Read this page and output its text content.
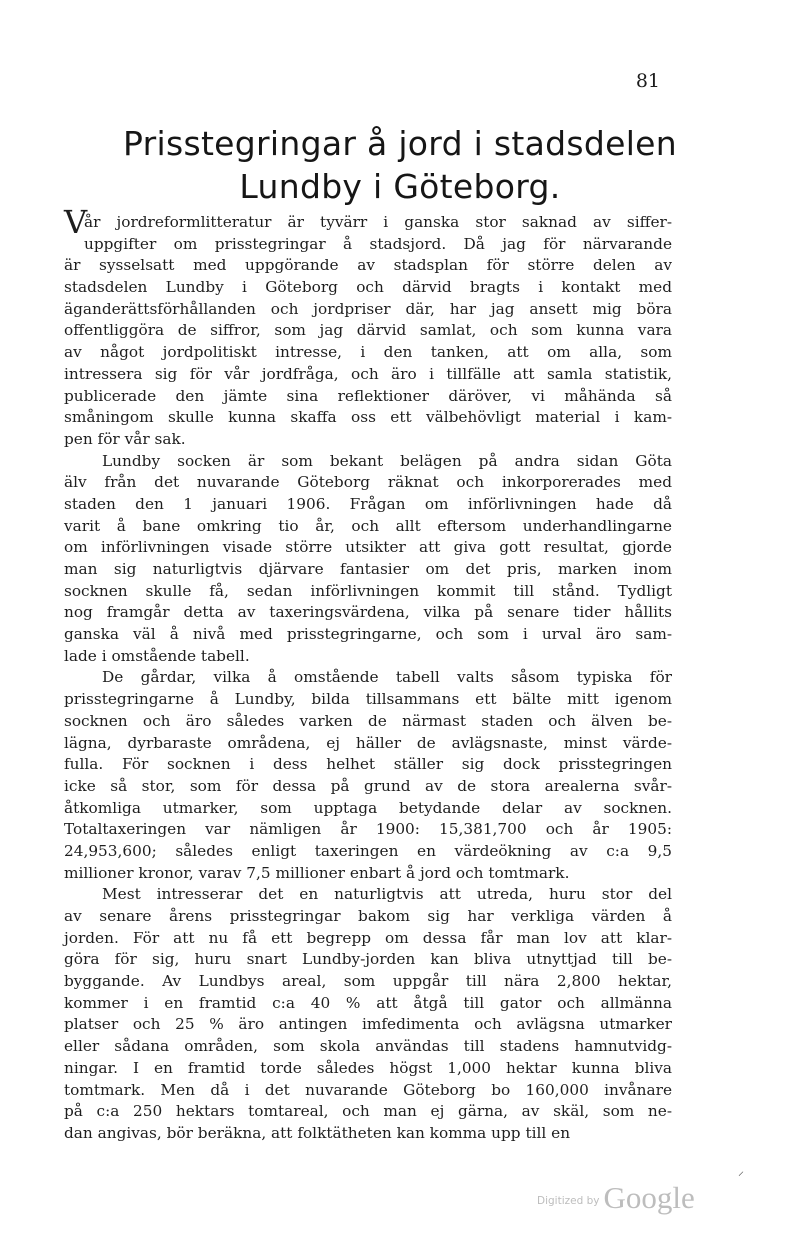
81
Prisstegringar å jord i stadsdelen
Lundby i Göteborg.
Vår jordreformlitteratur är tyvärr i ganska stor saknad av siffer-
uppgifter om prisstegringar å stadsjord. Då jag för närvarande
är sysselsatt med uppgörande av stadsplan för större delen av
stadsdelen Lundby i Göteborg och därvid bragts i kontakt med
äganderättsförhållanden och jordpriser där, har jag ansett mig böra
offentliggöra de siffror, som jag därvid samlat, och som kunna vara
av något jordpolitiskt intresse, i den tanken, att om alla, som
intressera sig för vår jordfråga, och äro i tillfälle att samla statistik,
publicerade den jämte sina reflektioner däröver, vi måhända så
småningom skulle kunna skaffa oss ett välbehövligt material i kam-
pen för vår sak.
Lundby socken är som bekant belägen på andra sidan Göta
älv från det nuvarande Göteborg räknat och inkorporerades med
staden den 1 januari 1906. Frågan om införlivningen hade då
varit å bane omkring tio år, och allt eftersom underhandlingarne
om införlivningen visade större utsikter att giva gott resultat, gjorde
man sig naturligtvis djärvare fantasier om det pris, marken inom
socknen skulle få, sedan införlivningen kommit till stånd. Tydligt
nog framgår detta av taxeringsvärdena, vilka på senare tider hållits
ganska väl å nivå med prisstegringarne, och som i urval äro sam-
lade i omstående tabell.
De gårdar, vilka å omstående tabell valts såsom typiska för
prisstegringarne å Lundby, bilda tillsammans ett bälte mitt igenom
socknen och äro således varken de närmast staden och älven be-
lägna, dyrbaraste områdena, ej häller de avlägsnaste, minst värde-
fulla. För socknen i dess helhet ställer sig dock prisstegringen
icke så stor, som för dessa på grund av de stora arealerna svår-
åtkomliga utmarker, som upptaga betydande delar av socknen.
Totaltaxeringen var nämligen år 1900: 15,381,700 och år 1905:
24,953,600; således enligt taxeringen en värdeökning av c:a 9,5
millioner kronor, varav 7,5 millioner enbart å jord och tomtmark.
Mest intresserar det en naturligtvis att utreda, huru stor del
av senare årens prisstegringar bakom sig har verkliga värden å
jorden. För att nu få ett begrepp om dessa får man lov att klar-
göra för sig, huru snart Lundby-jorden kan bliva utnyttjad till be-
byggande. Av Lundbys areal, som uppgår till nära 2,800 hektar,
kommer i en framtid c:a 40 % att åtgå till gator och allmänna
platser och 25 % äro antingen imfedimenta och avlägsna utmarker
eller sådana områden, som skola användas till stadens hamnutvidg-
ningar. I en framtid torde således högst 1,000 hektar kunna bliva
tomtmark. Men då i det nuvarande Göteborg bo 160,000 invånare
på c:a 250 hektars tomtareal, och man ej gärna, av skäl, som ne-
dan angivas, bör beräkna, att folktätheten kan komma upp till en
⸝
$^{Digitized by}$ Google
